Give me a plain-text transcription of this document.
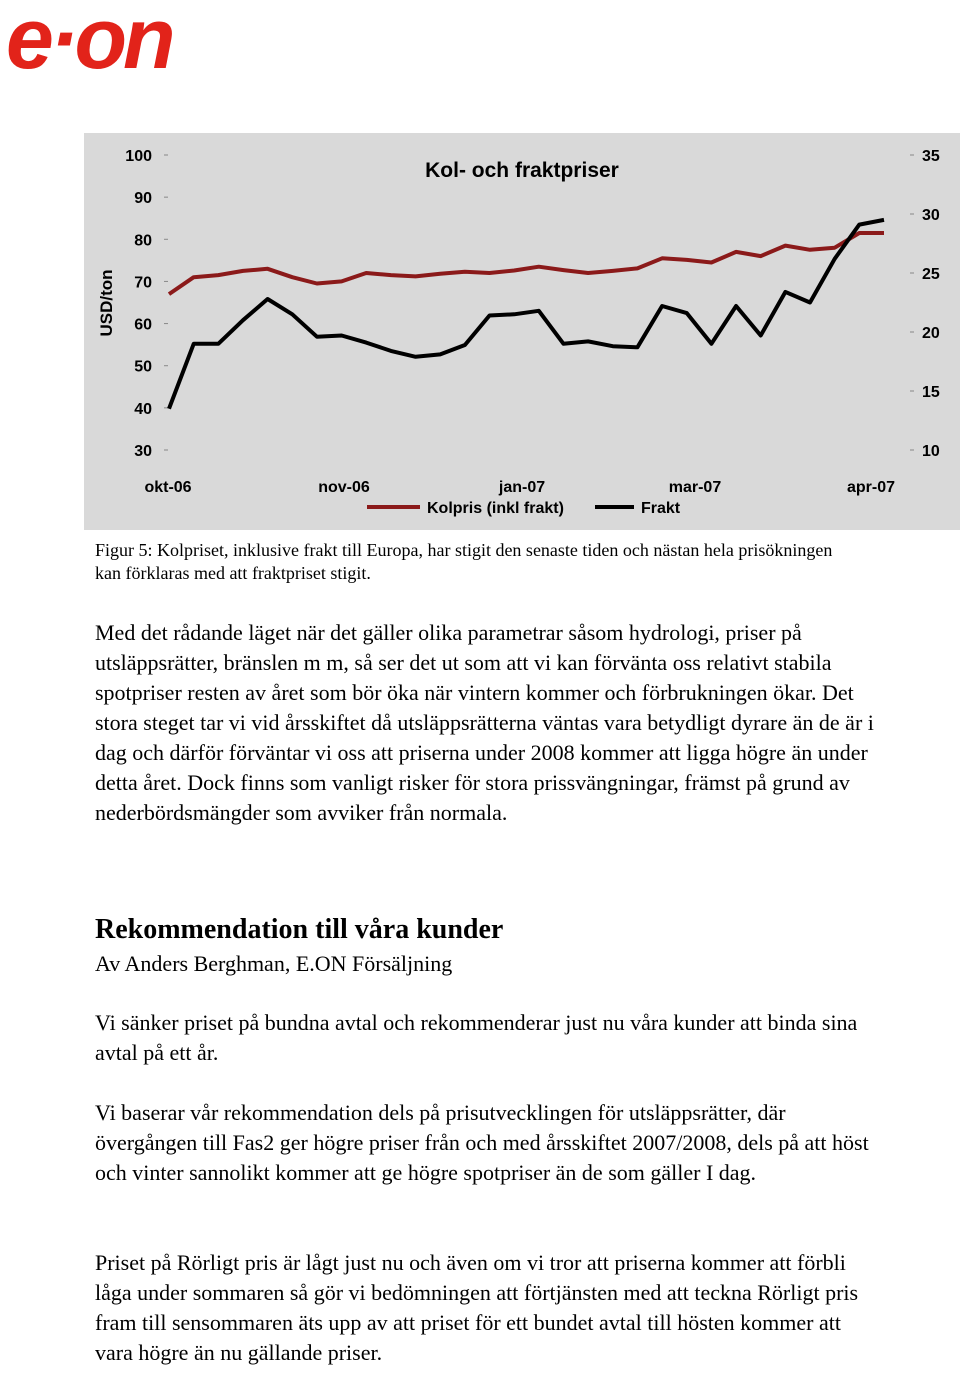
e·on
Kol- och fraktpriser
USD/ton
100
90
80
70
60
50
40
30
35
30
25
20
15
10
okt-06	nov-06	jan-07	mar-07	apr-07
Kolpris (inkl frakt)	Frakt
Figur 5: Kolpriset, inklusive frakt till Europa, har stigit den senaste tiden och nästan hela prisökningen kan förklaras med att fraktpriset stigit.

Med det rådande läget när det gäller olika parametrar såsom hydrologi, priser på utsläppsrätter, bränslen m m, så ser det ut som att vi kan förvänta oss relativt stabila spotpriser resten av året som bör öka när vintern kommer och förbrukningen ökar. Det stora steget tar vi vid årsskiftet då utsläppsrätterna väntas vara betydligt dyrare än de är i dag och därför förväntar vi oss att priserna under 2008 kommer att ligga högre än under detta året. Dock finns som vanligt risker för stora prissvängningar, främst på grund av nederbördsmängder som avviker från normala.

Rekommendation till våra kunder
Av Anders Berghman, E.ON Försäljning

Vi sänker priset på bundna avtal och rekommenderar just nu våra kunder att binda sina avtal på ett år.

Vi baserar vår rekommendation dels på prisutvecklingen för utsläppsrätter, där övergången till Fas2 ger högre priser från och med årsskiftet 2007/2008, dels på att höst och vinter sannolikt kommer att ge högre spotpriser än de som gäller I dag.

Priset på Rörligt pris är lågt just nu och även om vi tror att priserna kommer att förbli låga under sommaren så gör vi bedömningen att förtjänsten med att teckna Rörligt pris fram till sensommaren äts upp av att priset för ett bundet avtal till hösten kommer att vara högre än nu gällande priser.
